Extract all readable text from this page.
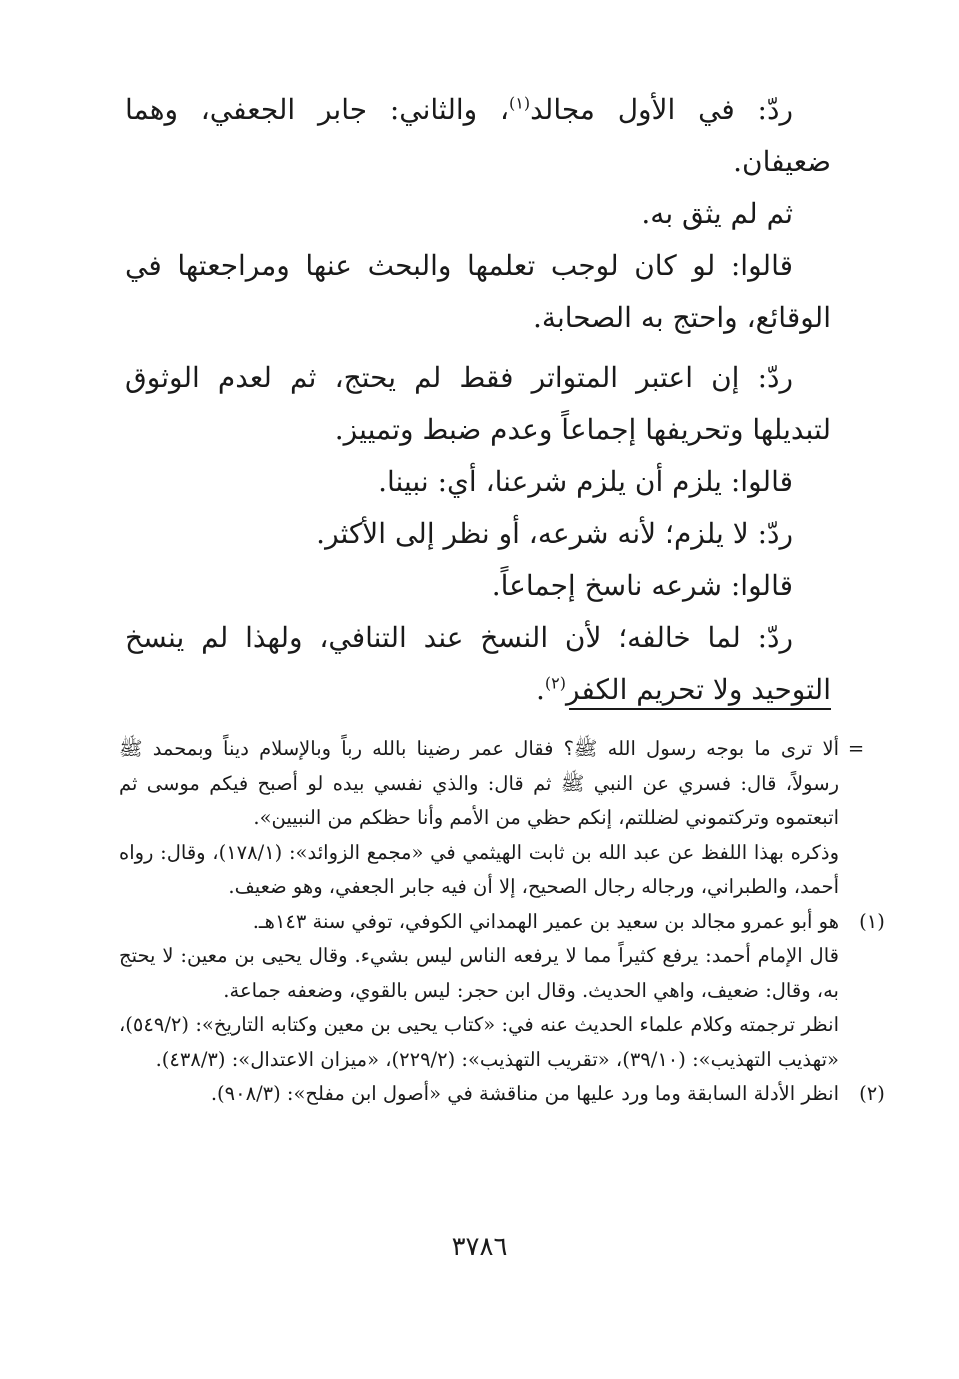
ردّ: في الأول مجالد$^{(١)}$، والثاني: جابر الجعفي، وهما ضعيفان.

ثم لم يثق به.

قالوا: لو كان لوجب تعلمها والبحث عنها ومراجعتها في الوقائع، واحتج به الصحابة.

ردّ: إن اعتبر المتواتر فقط لم يحتج، ثم لعدم الوثوق لتبديلها وتحريفها إجماعاً وعدم ضبط وتمييز.

قالوا: يلزم أن يلزم شرعنا، أي: نبينا.

ردّ: لا يلزم؛ لأنه شرعه، أو نظر إلى الأكثر.

قالوا: شرعه ناسخ إجماعاً.

ردّ: لما خالفه؛ لأن النسخ عند التنافي، ولهذا لم ينسخ التوحيد ولا تحريم الكفر$^{(٢)}$.

=

ألا ترى ما بوجه رسول الله ﷺ؟ فقال عمر رضينا بالله رباً وبالإسلام ديناً وبمحمد ﷺ رسولاً، قال: فسري عن النبي ﷺ ثم قال: والذي نفسي بيده لو أصبح فيكم موسى ثم اتبعتموه وتركتموني لضللتم، إنكم حظي من الأمم وأنا حظكم من النبيين».

وذكره بهذا اللفظ عن عبد الله بن ثابت الهيثمي في «مجمع الزوائد»: (١٧٨/١)، وقال: رواه أحمد، والطبراني، ورجاله رجال الصحيح، إلا أن فيه جابر الجعفي، وهو ضعيف.

(١)

هو أبو عمرو مجالد بن سعيد بن عمير الهمداني الكوفي، توفي سنة ١٤٣هـ.

قال الإمام أحمد: يرفع كثيراً مما لا يرفعه الناس ليس بشيء. وقال يحيى بن معين: لا يحتج به، وقال: ضعيف، واهي الحديث. وقال ابن حجر: ليس بالقوي، وضعفه جماعة.

انظر ترجمته وكلام علماء الحديث عنه في: «كتاب يحيى بن معين وكتابه التاريخ»: (٥٤٩/٢)، «تهذيب التهذيب»: (٣٩/١٠)، «تقريب التهذيب»: (٢٢٩/٢)، «ميزان الاعتدال»: (٤٣٨/٣).

(٢)

انظر الأدلة السابقة وما ورد عليها من مناقشة في «أصول ابن مفلح»: (٩٠٨/٣).

٣٧٨٦
